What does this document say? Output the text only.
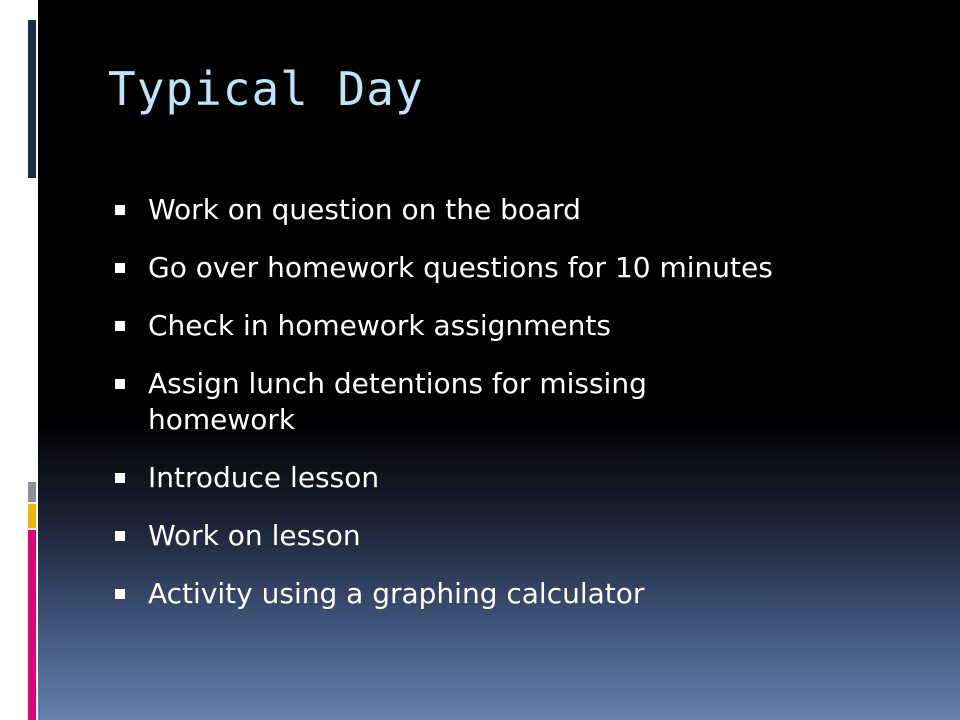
Typical Day
Work on question on the board
Go over homework questions for 10 minutes
Check in homework assignments
Assign lunch detentions for missing homework
Introduce lesson
Work on lesson
Activity using a graphing calculator
